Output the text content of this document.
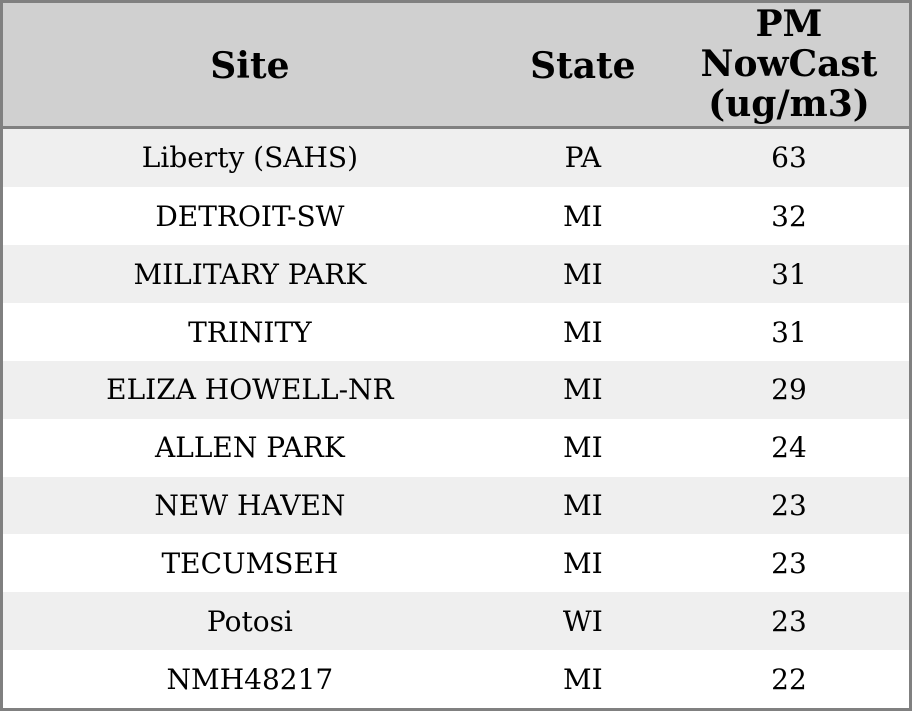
Site	State	PM NowCast (ug/m3)
Liberty (SAHS)	PA	63
DETROIT-SW	MI	32
MILITARY PARK	MI	31
TRINITY	MI	31
ELIZA HOWELL-NR	MI	29
ALLEN PARK	MI	24
NEW HAVEN	MI	23
TECUMSEH	MI	23
Potosi	WI	23
NMH48217	MI	22
